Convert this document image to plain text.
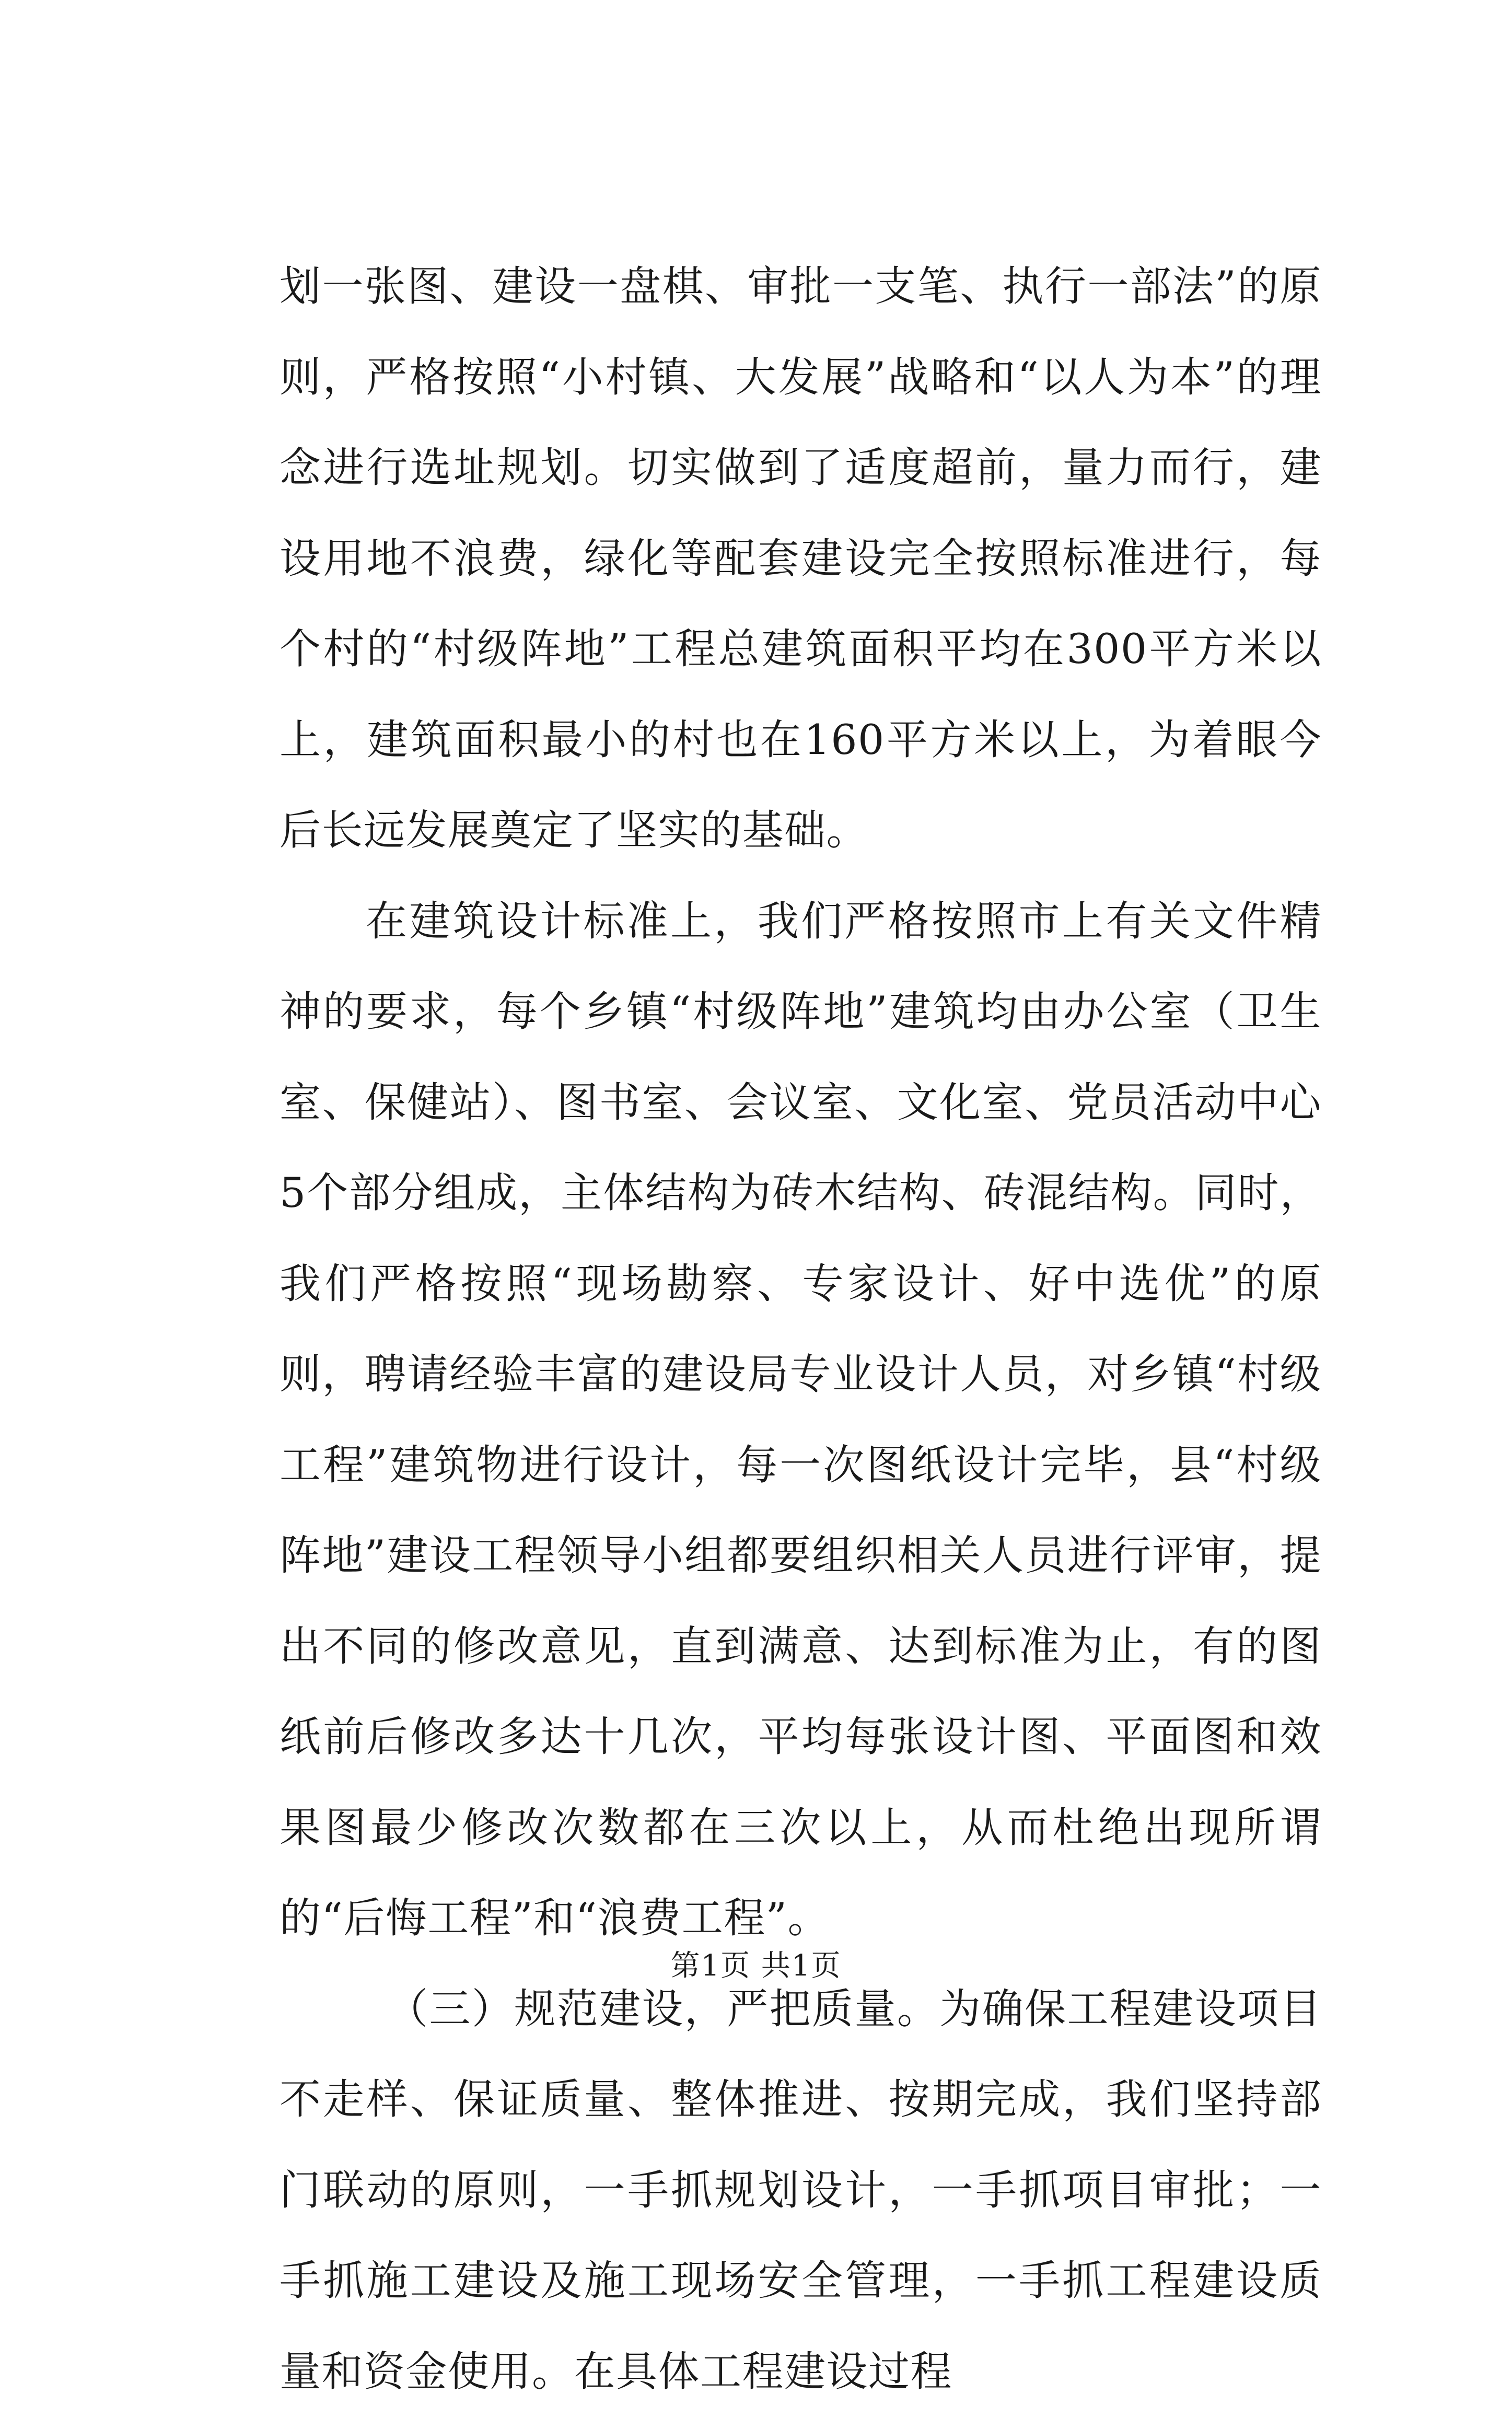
划一张图、建设一盘棋、审批一支笔、执行一部法”的原则，严格按照“小村镇、大发展”战略和“以人为本”的理念进行选址规划。切实做到了适度超前，量力而行，建设用地不浪费，绿化等配套建设完全按照标准进行，每个村的“村级阵地”工程总建筑面积平均在300平方米以上，建筑面积最小的村也在160平方米以上，为着眼今后长远发展奠定了坚实的基础。

在建筑设计标准上，我们严格按照市上有关文件精神的要求，每个乡镇“村级阵地”建筑均由办公室（卫生室、保健站）、图书室、会议室、文化室、党员活动中心5个部分组成，主体结构为砖木结构、砖混结构。同时，我们严格按照“现场勘察、专家设计、好中选优”的原则，聘请经验丰富的建设局专业设计人员，对乡镇“村级工程”建筑物进行设计，每一次图纸设计完毕，县“村级阵地”建设工程领导小组都要组织相关人员进行评审，提出不同的修改意见，直到满意、达到标准为止，有的图纸前后修改多达十几次，平均每张设计图、平面图和效果图最少修改次数都在三次以上，从而杜绝出现所谓的“后悔工程”和“浪费工程”。

（三）规范建设，严把质量。为确保工程建设项目不走样、保证质量、整体推进、按期完成，我们坚持部门联动的原则，一手抓规划设计，一手抓项目审批；一手抓施工建设及施工现场安全管理，一手抓工程建设质量和资金使用。在具体工程建设过程

第1页 共1页
